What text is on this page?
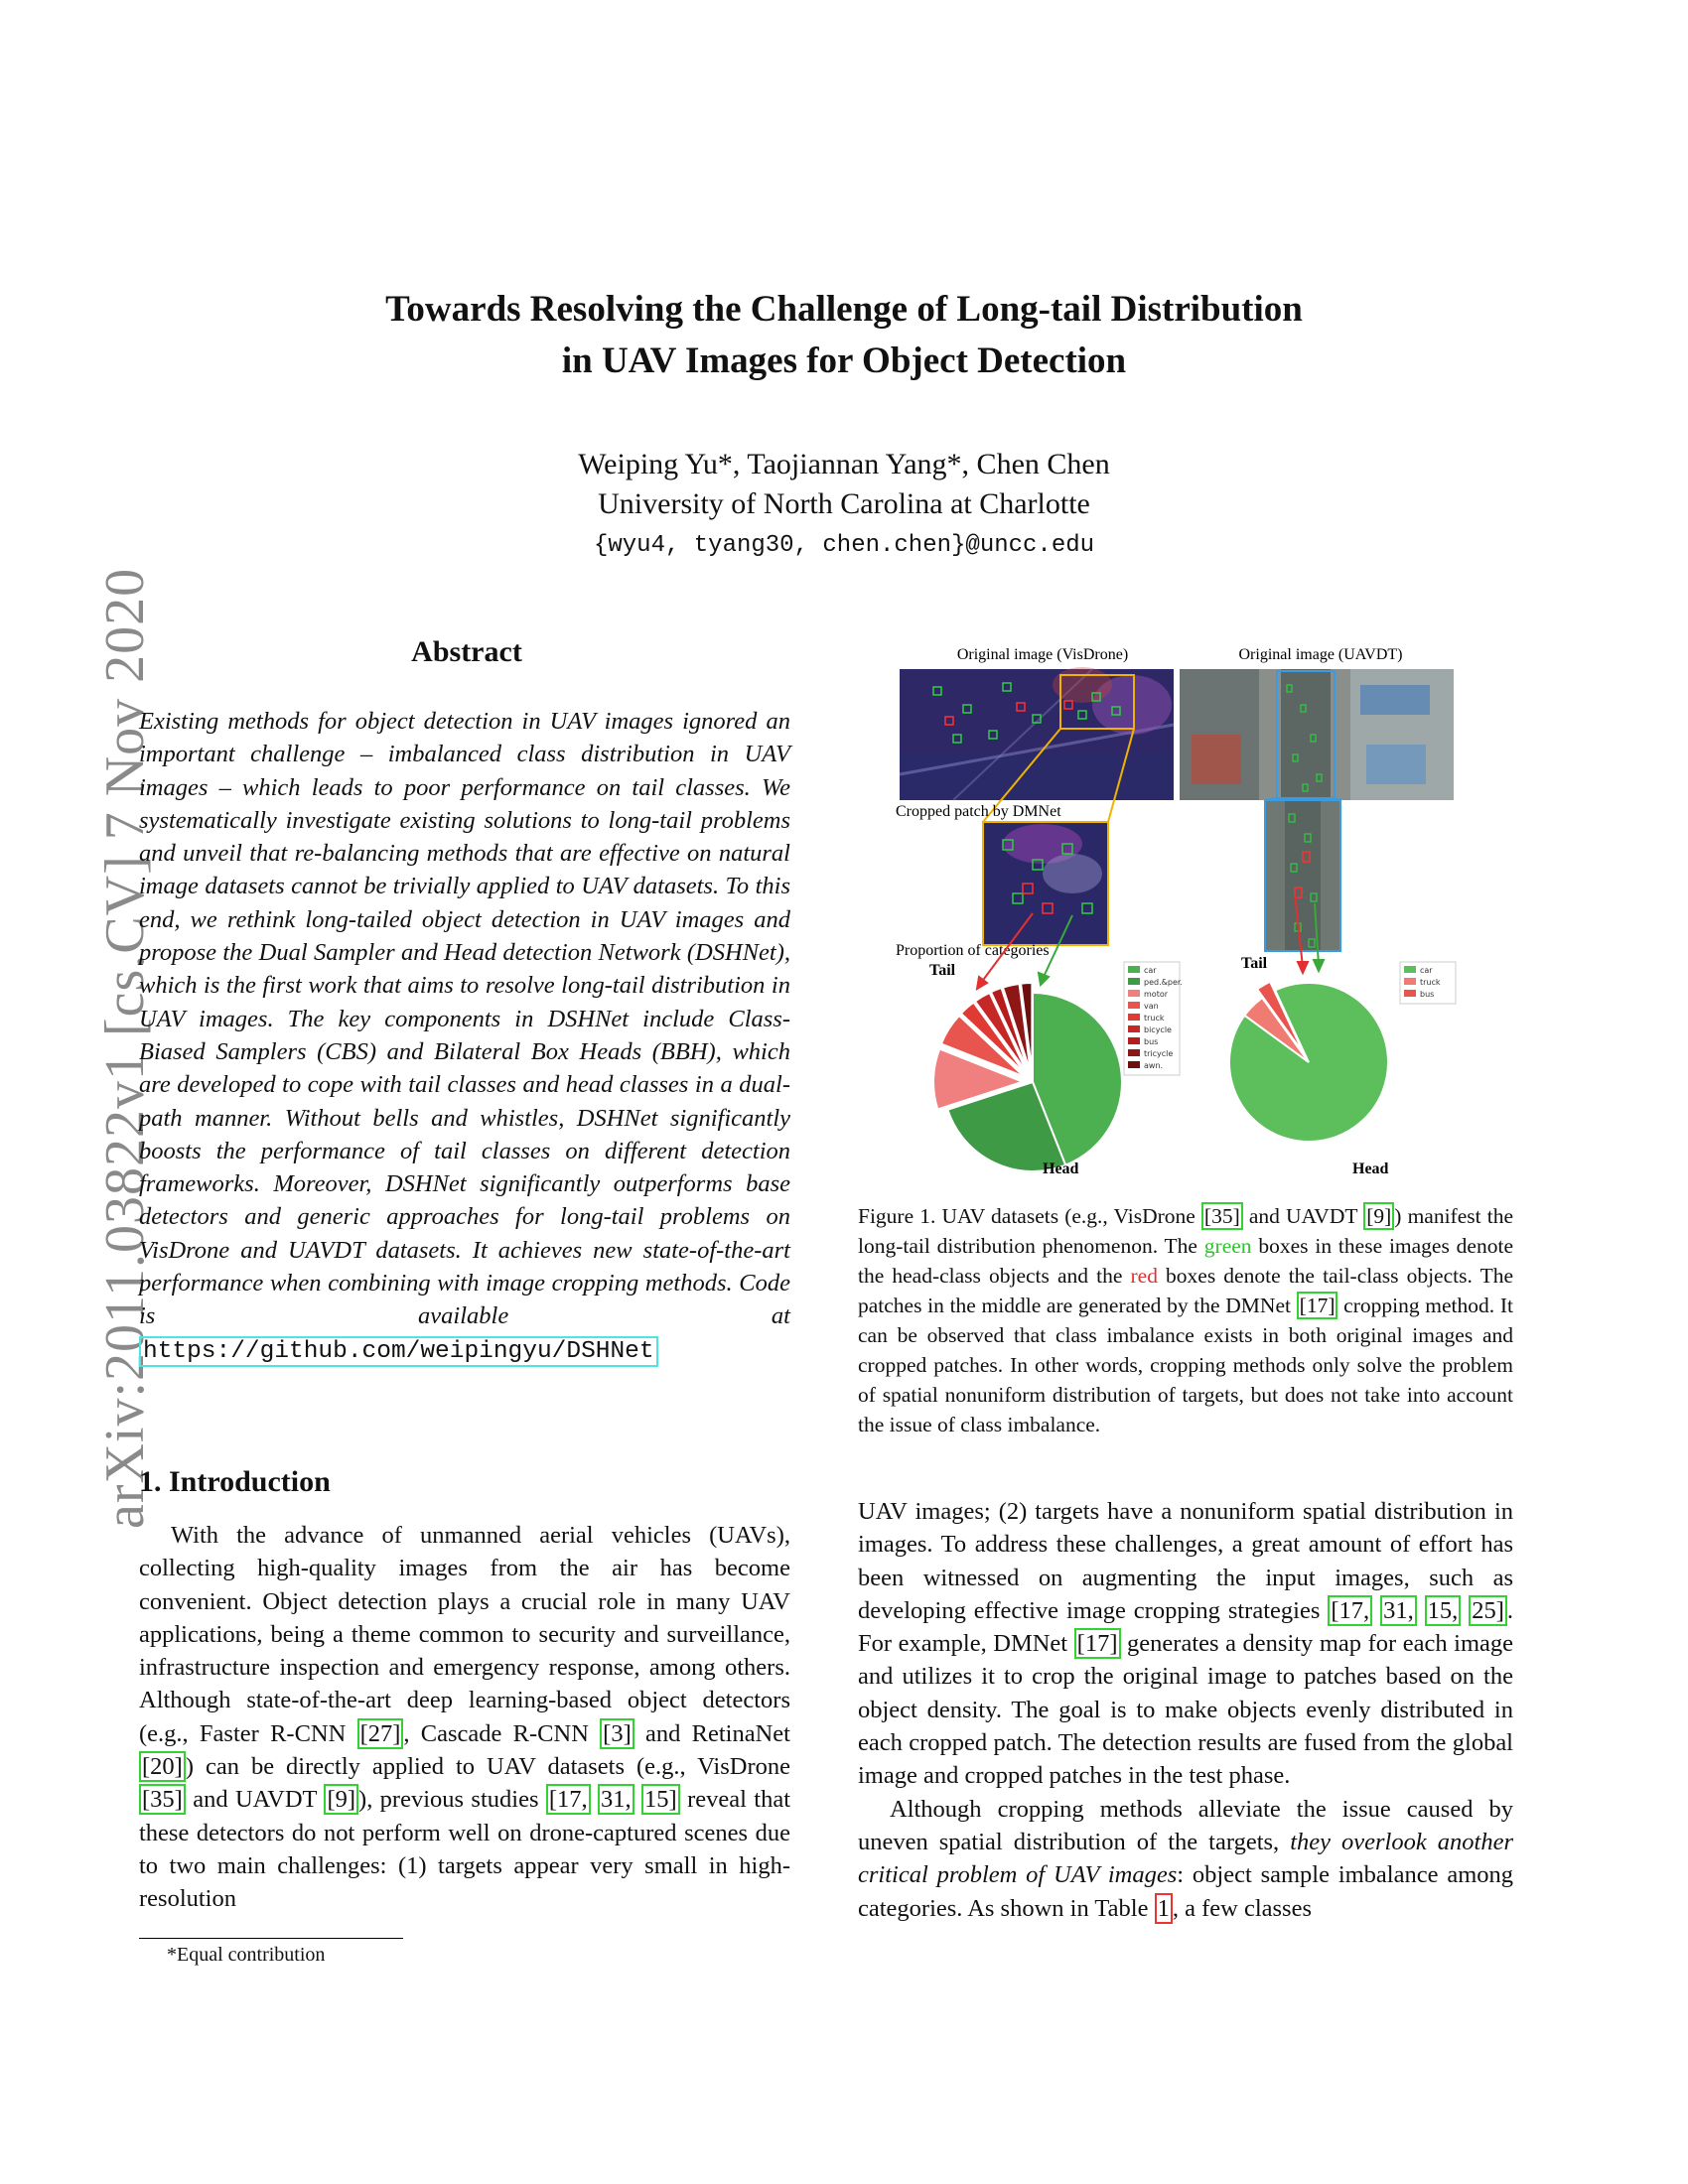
arXiv:2011.03822v1 [cs.CV] 7 Nov 2020
Towards Resolving the Challenge of Long-tail Distribution
in UAV Images for Object Detection
Weiping Yu*, Taojiannan Yang*, Chen Chen
University of North Carolina at Charlotte
{wyu4, tyang30, chen.chen}@uncc.edu
Abstract
Existing methods for object detection in UAV images ignored an important challenge – imbalanced class distribution in UAV images – which leads to poor performance on tail classes. We systematically investigate existing solutions to long-tail problems and unveil that re-balancing methods that are effective on natural image datasets cannot be trivially applied to UAV datasets. To this end, we rethink long-tailed object detection in UAV images and propose the Dual Sampler and Head detection Network (DSHNet), which is the first work that aims to resolve long-tail distribution in UAV images. The key components in DSHNet include Class-Biased Samplers (CBS) and Bilateral Box Heads (BBH), which are developed to cope with tail classes and head classes in a dual-path manner. Without bells and whistles, DSHNet significantly boosts the performance of tail classes on different detection frameworks. Moreover, DSHNet significantly outperforms base detectors and generic approaches for long-tail problems on VisDrone and UAVDT datasets. It achieves new state-of-the-art performance when combining with image cropping methods. Code is available at https://github.com/weipingyu/DSHNet
1. Introduction

With the advance of unmanned aerial vehicles (UAVs), collecting high-quality images from the air has become convenient. Object detection plays a crucial role in many UAV applications, being a theme common to security and surveillance, infrastructure inspection and emergency response, among others. Although state-of-the-art deep learning-based object detectors (e.g., Faster R-CNN [27] , Cascade R-CNN [3] and RetinaNet [20] ) can be directly applied to UAV datasets (e.g., VisDrone [35] and UAVDT [9] ), previous studies [17, 31, 15] reveal that these detectors do not perform well on drone-captured scenes due to two main challenges: (1) targets appear very small in high-resolution

*Equal contribution
Original image (VisDrone)	Original image (UAVDT)
Cropped patch by DMNet
Proportion of categories
Tail
Head
Tail
Head
car
ped.&per.
motor
van
truck
bicycle
bus
tricycle
awn.
car
truck
bus
Figure 1. UAV datasets (e.g., VisDrone [35] and UAVDT [9] ) manifest the long-tail distribution phenomenon. The green boxes in these images denote the head-class objects and the red boxes denote the tail-class objects. The patches in the middle are generated by the DMNet [17] cropping method. It can be observed that class imbalance exists in both original images and cropped patches. In other words, cropping methods only solve the problem of spatial nonuniform distribution of targets, but does not take into account the issue of class imbalance.

UAV images; (2) targets have a nonuniform spatial distribution in images. To address these challenges, a great amount of effort has been witnessed on augmenting the input images, such as developing effective image cropping strategies [17, 31, 15, 25] . For example, DMNet [17] generates a density map for each image and utilizes it to crop the original image to patches based on the object density. The goal is to make objects evenly distributed in each cropped patch. The detection results are fused from the global image and cropped patches in the test phase.

Although cropping methods alleviate the issue caused by uneven spatial distribution of the targets, they overlook another critical problem of UAV images: object sample imbalance among categories. As shown in Table 1 , a few classes
